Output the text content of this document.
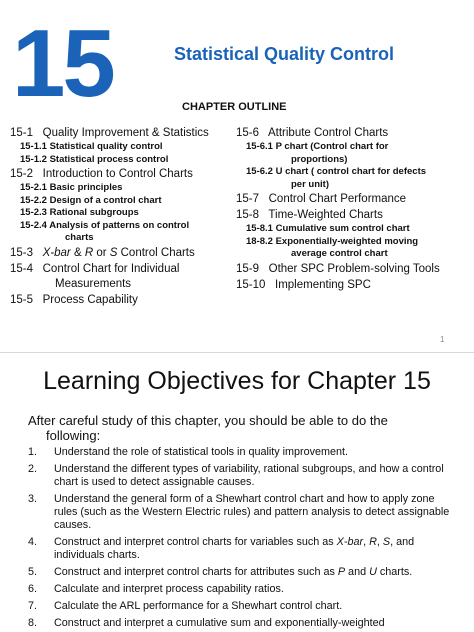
15	Statistical Quality Control
CHAPTER OUTLINE
15-1 Quality Improvement & Statistics
15-1.1 Statistical quality control
15-1.2 Statistical process control
15-2 Introduction to Control Charts
15-2.1 Basic principles
15-2.2 Design of a control chart
15-2.3 Rational subgroups
15-2.4 Analysis of patterns on control
charts
15-3 X-bar & R or S Control Charts
15-4 Control Chart for Individual
Measurements
15-5 Process Capability
15-6 Attribute Control Charts
15-6.1 P chart (Control chart for
proportions)
15-6.2 U chart ( control chart for defects
per unit)
15-7 Control Chart Performance
15-8 Time-Weighted Charts
15-8.1 Cumulative sum control chart
18-8.2 Exponentially-weighted moving
average control chart
15-9 Other SPC Problem-solving Tools
15-10 Implementing SPC
1
Learning Objectives for Chapter 15
After careful study of this chapter, you should be able to do the
following:
1.	Understand the role of statistical tools in quality improvement.
2.	Understand the different types of variability, rational subgroups, and how a control chart is used to detect assignable causes.
3.	Understand the general form of a Shewhart control chart and how to apply zone rules (such as the Western Electric rules) and pattern analysis to detect assignable causes.
4.	Construct and interpret control charts for variables such as X-bar, R, S, and individuals charts.
5.	Construct and interpret control charts for attributes such as P and U charts.
6.	Calculate and interpret process capability ratios.
7.	Calculate the ARL performance for a Shewhart control chart.
8.	Construct and interpret a cumulative sum and exponentially-weighted
